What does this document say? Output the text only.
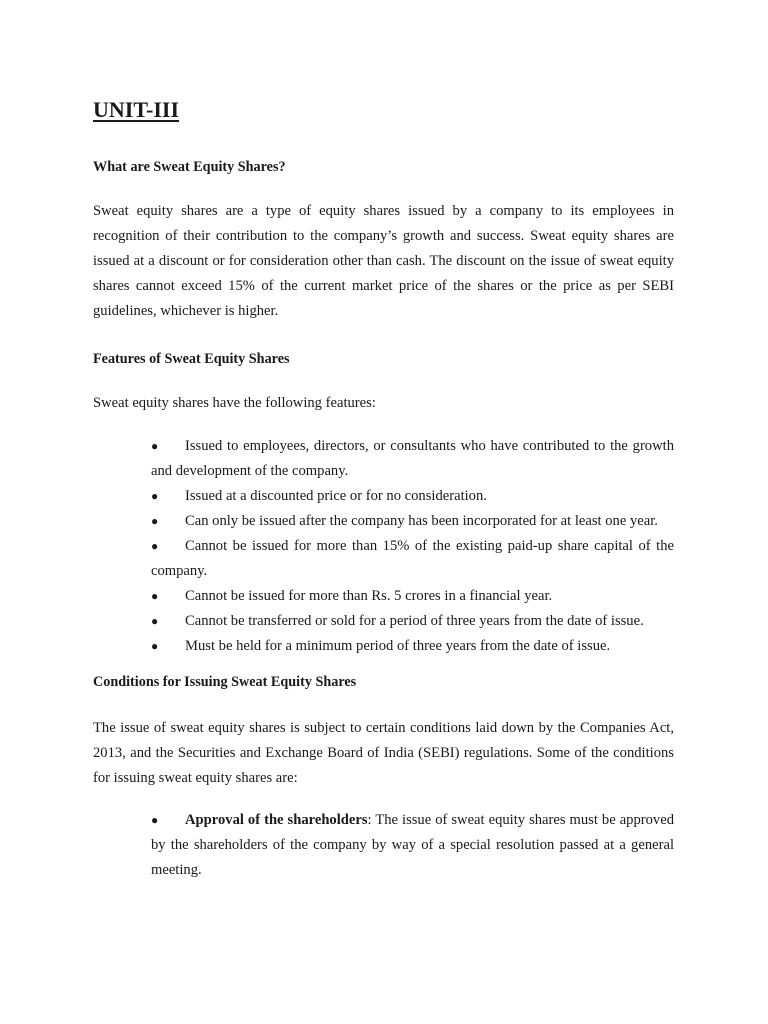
UNIT-III
What are Sweat Equity Shares?

Sweat equity shares are a type of equity shares issued by a company to its employees in recognition of their contribution to the company’s growth and success. Sweat equity shares are issued at a discount or for consideration other than cash. The discount on the issue of sweat equity shares cannot exceed 15% of the current market price of the shares or the price as per SEBI guidelines, whichever is higher.

Features of Sweat Equity Shares

Sweat equity shares have the following features:

● Issued to employees, directors, or consultants who have contributed to the growth and development of the company.
● Issued at a discounted price or for no consideration.
● Can only be issued after the company has been incorporated for at least one year.
● Cannot be issued for more than 15% of the existing paid-up share capital of the company.
● Cannot be issued for more than Rs. 5 crores in a financial year.
● Cannot be transferred or sold for a period of three years from the date of issue.
● Must be held for a minimum period of three years from the date of issue.
Conditions for Issuing Sweat Equity Shares

The issue of sweat equity shares is subject to certain conditions laid down by the Companies Act, 2013, and the Securities and Exchange Board of India (SEBI) regulations. Some of the conditions for issuing sweat equity shares are:

● Approval of the shareholders: The issue of sweat equity shares must be approved by the shareholders of the company by way of a special resolution passed at a general meeting.
